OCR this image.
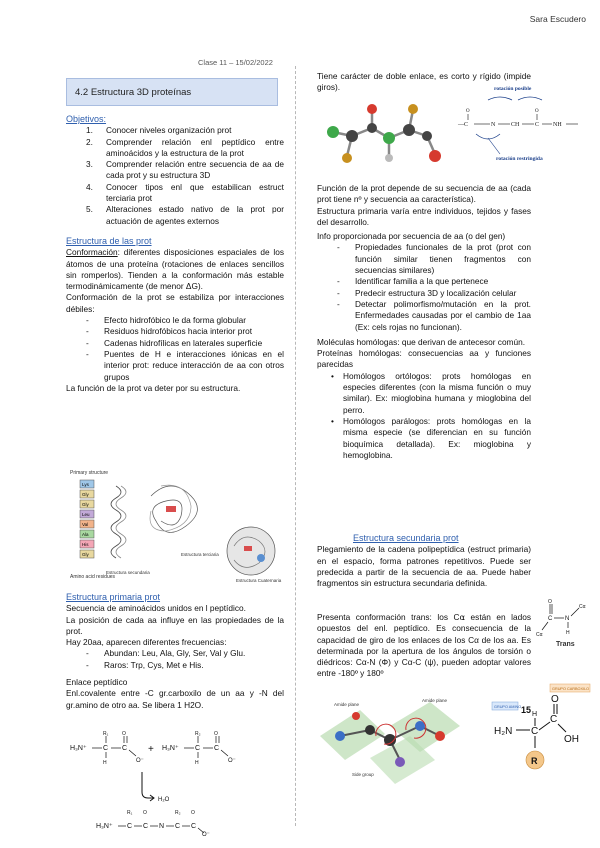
Sara Escudero
Clase 11 – 15/02/2022
4.2 Estructura 3D proteínas

Objetivos:

1.	Conocer niveles organización prot
2.	Comprender relación enl peptídico entre aminoácidos y la estructura de la prot
3.	Comprender relación entre secuencia de aa de cada prot y su estructura 3D
4.	Conocer tipos enl que estabilican estruct terciaria prot
5.	Alteraciones estado nativo de la prot por actuación de agentes externos

Estructura de las prot

Conformación: diferentes disposiciones espaciales de los átomos de una proteína (rotaciones de enlaces sencillos sin romperlos). Tienden a la conformación más estable termodinámicamente (de menor ΔG).

Conformación de la prot se estabiliza por interacciones débiles:

- Efecto hidrofóbico le da forma globular
- Residuos hidrofóbicos hacia interior prot
- Cadenas hidrofílicas en laterales superficie
- Puentes de H e interacciones iónicas en el interior prot: reduce interacción de aa con otros grupos

La función de la prot va deter por su estructura.

Primary structure
Lys
Gly
Gly
Leu
Val
Ala
His
Gly
Amino acid residues
Estructura secundaria
Estructura terciaria
Estructura Cuaternaria

Estructura primaria prot

Secuencia de aminoácidos unidos en l peptídico.

La posición de cada aa influye en las propiedades de la prot.

Hay 20aa, aparecen diferentes frecuencias:

- Abundan: Leu, Ala, Gly, Ser, Val y Glu.
- Raros: Trp, Cys, Met e His.

Enlace peptídico

Enl.covalente entre -C gr.carboxilo de un aa y -N del gr.amino de otro aa. Se libera 1 H2O.

H₃N⁺ C
R₁
H
C
O
O⁻
+ H₃N⁺ C
R₂
H
C
O
O⁻
H₂O
H₃N⁺ C
R₁
C
O
N C
R₂
C
O
O⁻

Tiene carácter de doble enlace, es corto y rígido (impide giros).	rotación posible
—C
O
N	CH	C
O
NH
rotación restringida

Función de la prot depende de su secuencia de aa (cada prot tiene nº y secuencia aa característica).

Estructura primaria varía entre individuos, tejidos y fases del desarrollo.

Info proporcionada por secuencia de aa (o del gen)

- Propiedades funcionales de la prot (prot con función similar tienen fragmentos con secuencias similares)
- Identificar familia a la que pertenece
- Predecir estructura 3D y localización celular
- Detectar polimorfismo/mutación en la prot. Enfermedades causadas por el cambio de 1aa (Ex: cels rojas no funcionan).

Moléculas homólogas: que derivan de antecesor común.

Proteínas homólogas: consecuencias aa y funciones parecidas

• Homólogos ortólogos: prots homólogas en especies diferentes (con la misma función o muy similar). Ex: mioglobina humana y mioglobina del perro.
• Homólogos parálogos: prots homólogas en la misma especie (se diferencian en su función bioquímica detallada). Ex: mioglobina y hemoglobina.

Estructura secundaria prot

Plegamiento de la cadena polipeptídica (estruct primaria) en el espacio, forma patrones repetitivos. Puede ser predecida a partir de la secuencia de aa. Puede haber fragmentos sin estructura secundaria definida.

Presenta conformación trans: los C⍺ están en lados opuestos del enl. peptídico. Es consecuencia de la capacidad de giro de los enlaces de los Cα de los aa. Es determinada por la apertura de los ángulos de torsión o diédricos: Cα-N (Φ) y Cα-C (ψ), pueden adoptar valores entre -180º y 180º

C
O
N
Cα
Cα	H
Trans
Amide plane
Amide plane
Side group
GRUPO AMINO
GRUPO CARBOXILO
H₂N C
C
O
OH
H
R
15
